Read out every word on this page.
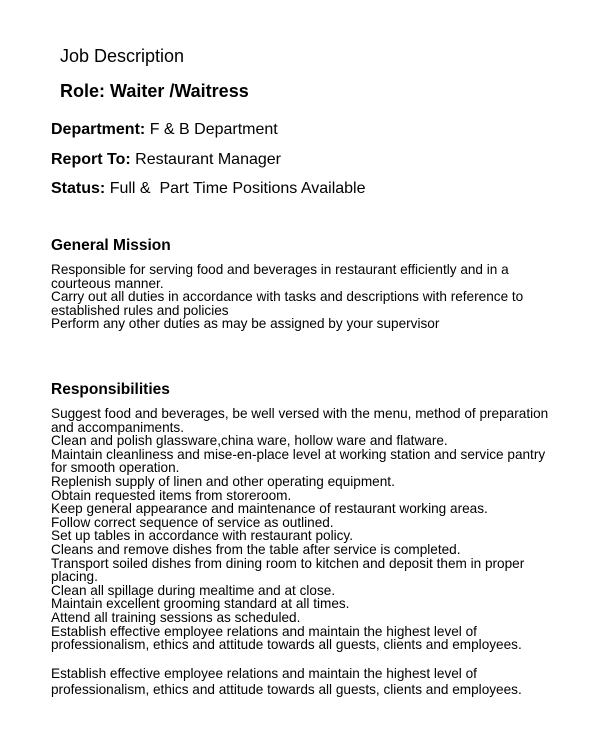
Job Description
Role: Waiter /Waitress
Department: F & B Department
Report To: Restaurant Manager
Status: Full &  Part Time Positions Available
General Mission
Responsible for serving food and beverages in restaurant efficiently and in a
courteous manner.
Carry out all duties in accordance with tasks and descriptions with reference to
established rules and policies
Perform any other duties as may be assigned by your supervisor
Responsibilities
Suggest food and beverages, be well versed with the menu, method of preparation
and accompaniments.
Clean and polish glassware,china ware, hollow ware and flatware.
Maintain cleanliness and mise-en-place level at working station and service pantry
for smooth operation.
Replenish supply of linen and other operating equipment.
Obtain requested items from storeroom.
Keep general appearance and maintenance of restaurant working areas.
Follow correct sequence of service as outlined.
Set up tables in accordance with restaurant policy.
Cleans and remove dishes from the table after service is completed.
Transport soiled dishes from dining room to kitchen and deposit them in proper
placing.
Clean all spillage during mealtime and at close.
Maintain excellent grooming standard at all times.
Attend all training sessions as scheduled.
Establish effective employee relations and maintain the highest level of
professionalism, ethics and attitude towards all guests, clients and employees.
Establish effective employee relations and maintain the highest level of
professionalism, ethics and attitude towards all guests, clients and employees.
